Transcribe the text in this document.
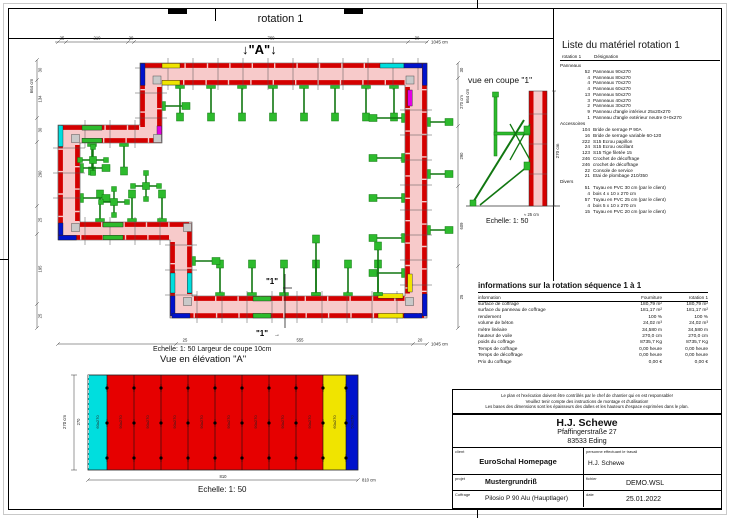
rotation 1
"1"
"1" →
25	210	20	760	30
1045 cm
30
134
30
290
25
195
25
664 cm
30
270 cm
290
609
25
664 cm
25	555	20
1045 cm
↓"A"↓
Echelle: 1: 50 Largeur de coupe 10cm
Vue en élévation "A"
Echelle: 1: 50
vue en coupe "1"
Echelle: 1: 50
270 cm
≈ 25 cm
60x270	90x270	90x270	90x270	90x270	90x270	90x270	90x270	90x270	60x270	50x270
270 cm 270
810
810 cm
Liste du matériel rotation 1
rotation 1	Désignation
Panneaux
52 Panneaux 90x270
4 Panneaux 80x270
4 Panneaux 70x270
4 Panneaux 60x270
13 Panneaux 50x270
3 Panneaux 40x270
2 Panneaux 30x270
9 Panneau d'angle intérieur 25x20x270
1 Panneau d'angle extérieur neutre 0+0x270
Accessoires
104 Bride de serrage P 90A
16 Bride de serrage variable 60-120
222 S15 Ecrou papillon
24 S15 Ecrou oscillant
123 S15 Tige filetée 15
246 Crochet de décoffrage
246 crochet de décoffrage
22 Console de service
21 Etai de plombage 210/350
Divers
51 Tuyau en PVC 30 cm (par le client)
4 bois 4 x 10 x 270 cm
57 Tuyau en PVC 25 cm (par le client)
4 bois 5 x 10 x 270 cm
15 Tuyau en PVC 20 cm (par le client)
informations sur la rotation séquence 1 à 1
information	Fourniture	rotation 1
surface de coffrage	180,79 m²	180,79 m²
surface du panneau de coffrage	181,17 m²	181,17 m²
rendement	100 %	100 %
volume de béton	24,02 m³	24,02 m³
mètre linéaire	34,580 m	34,580 m
hauteur de voile	270,0 cm	270,0 cm
poids du coffrage	8735,7 Kg	8735,7 Kg
Temps de coffrage	0,00 heure	0,00 heure
Temps de décoffrage	0,00 heure	0,00 heure
Prix du coffrage	0,00 €	0,00 €
Le plan et l'exécution doivent être contrôlés par le chef de chantier qui en est responsable!
Veuillez tenir compte des instructions de montage et d'utilisation!
Les bases des dimensions sont les épaisseurs des dalles et les hauteurs d'espace exprimées dans le plan.
H.J. Schewe
Pfaffingerstraße 27
83533 Eding
client
EuroSchal Homepage
personne effectuant le travail
H.J. Schewe
projet
Mustergrundriß
fichier
DEMO.WSL
Coffrage
Pilosio P 90 Alu (Hauptlager)
date
25.01.2022
